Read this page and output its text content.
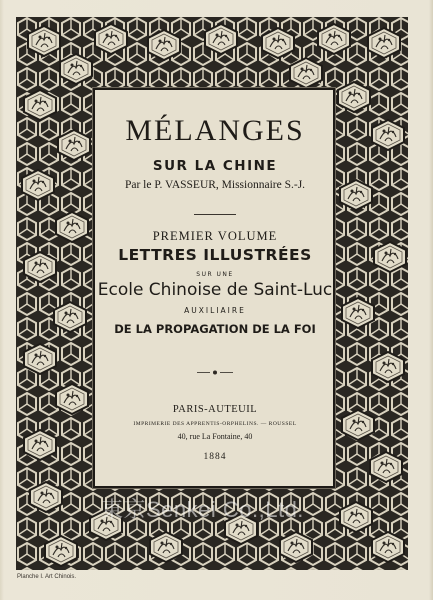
MÉLANGES
SUR LA CHINE
Par le P. VASSEUR, Missionnaire S.-J.
PREMIER VOLUME
LETTRES ILLUSTRÉES
SUR UNE
Ecole Chinoise de Saint-Luc
AUXILIAIRE
DE LA PROPAGATION DE LA FOI
PARIS-AUTEUIL
IMPRIMERIE DES APPRENTIS-ORPHELINS. — ROUSSEL
40, rue La Fontaine, 40
1884
東京Senkei Co.,Ltd.
Planche I. Art Chinois.
